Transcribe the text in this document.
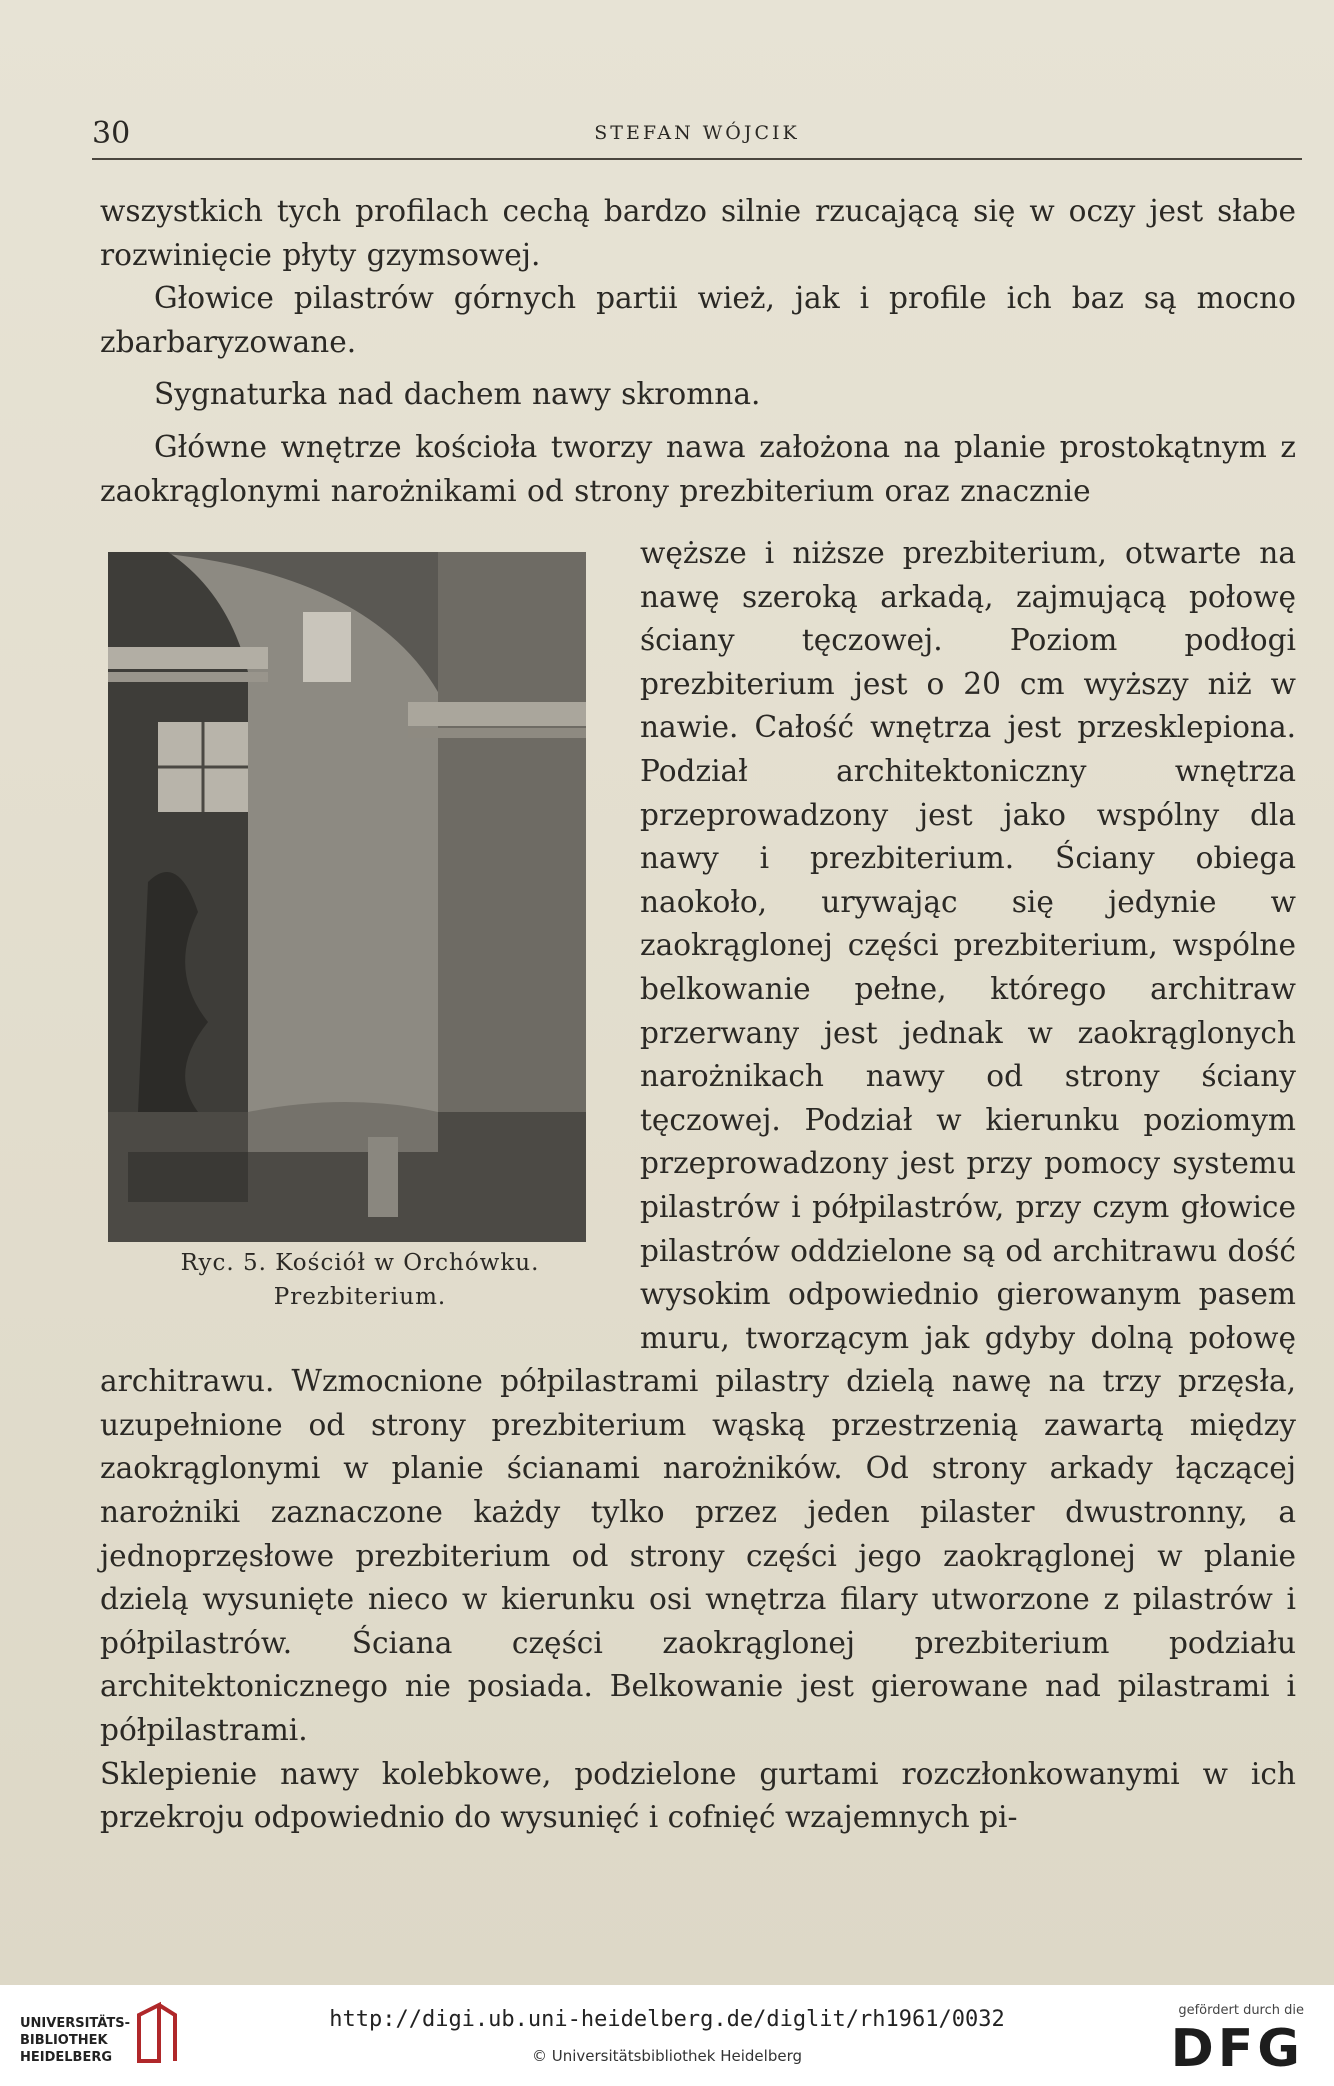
30	STEFAN WÓJCIK

wszystkich tych profilach cechą bardzo silnie rzucającą się w oczy jest słabe rozwinięcie płyty gzymsowej.

Głowice pilastrów górnych partii wież, jak i profile ich baz są mocno zbarbaryzowane.

Sygnaturka nad dachem nawy skromna.

Główne wnętrze kościoła tworzy nawa założona na planie prostokątnym z zaokrąglonymi narożnikami od strony prezbiterium oraz znacznie

Ryc. 5. Kościół w Orchówku.
Prezbiterium.

węższe i niższe prezbiterium, otwarte na nawę szeroką arkadą, zajmującą połowę ściany tęczowej. Poziom podłogi prezbiterium jest o 20 cm wyższy niż w nawie. Całość wnętrza jest przesklepiona. Podział architektoniczny wnętrza przeprowadzony jest jako wspólny dla nawy i prezbiterium. Ściany obiega naokoło, urywając się jedynie w zaokrąglonej części prezbiterium, wspólne belkowanie pełne, którego architraw przerwany jest jednak w zaokrąglonych narożnikach nawy od strony ściany tęczowej. Podział w kierunku poziomym przeprowadzony jest przy pomocy systemu pilastrów i półpilastrów, przy czym głowice pilastrów oddzielone są od architrawu dość wysokim odpowiednio gierowanym pasem muru, tworzącym jak gdyby dolną połowę architrawu. Wzmocnione półpilastrami pilastry dzielą nawę na trzy przęsła, uzupełnione od strony prezbiterium wąską przestrzenią zawartą między zaokrąglonymi w planie ścianami narożników. Od strony arkady łączącej narożniki zaznaczone każdy tylko przez jeden pilaster dwustronny, a jednoprzęsłowe prezbiterium od strony części jego zaokrąglonej w planie dzielą wysunięte nieco w kierunku osi wnętrza filary utworzone z pilastrów i półpilastrów. Ściana części zaokrąglonej prezbiterium podziału architektonicznego nie posiada. Belkowanie jest gierowane nad pilastrami i półpilastrami.

Sklepienie nawy kolebkowe, podzielone gurtami rozczłonkowanymi w ich przekroju odpowiednio do wysunięć i cofnięć wzajemnych pi-

UNIVERSITÄTS-
BIBLIOTHEK
HEIDELBERG
http://digi.ub.uni-heidelberg.de/diglit/rh1961/0032
© Universitätsbibliothek Heidelberg
gefördert durch die
DFG
